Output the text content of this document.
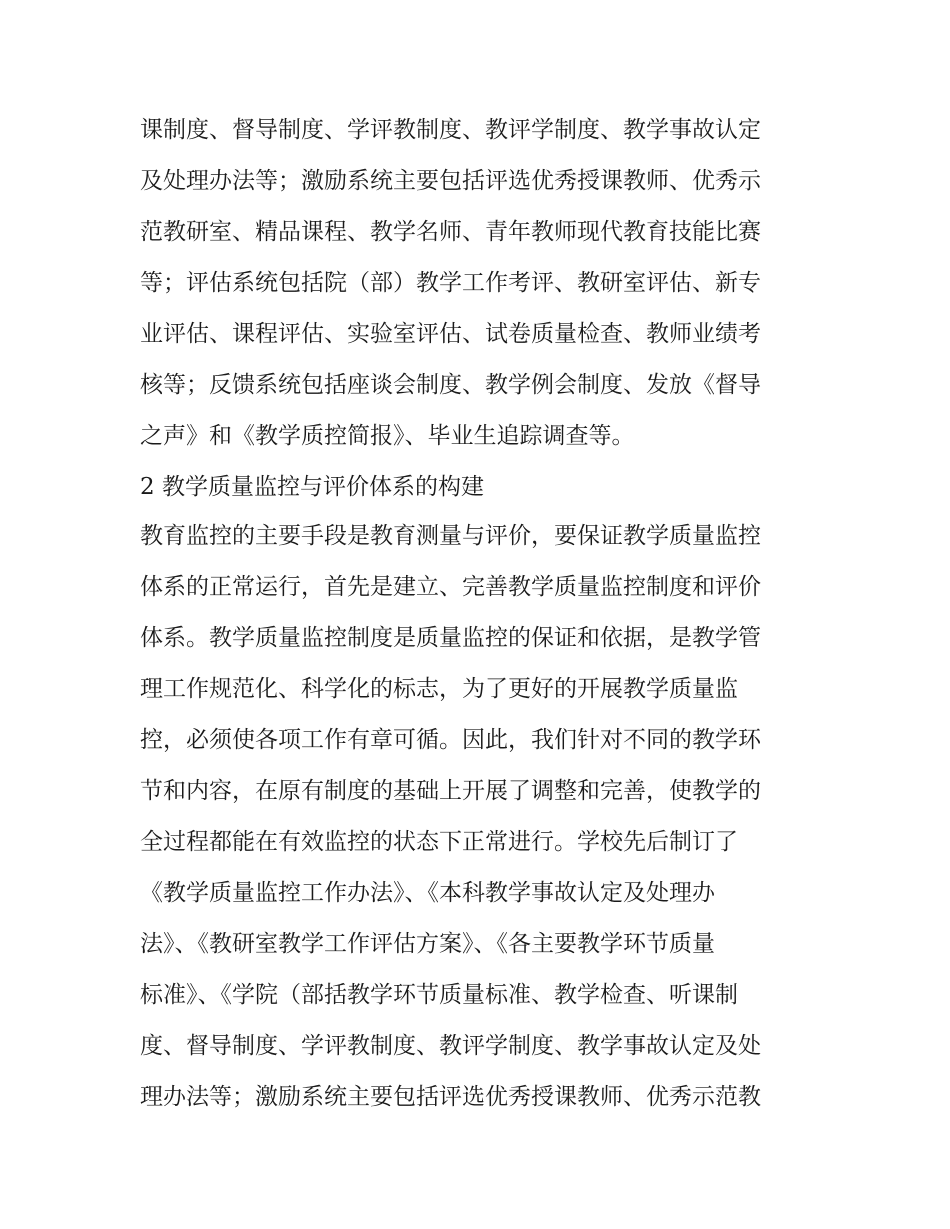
课制度、督导制度、学评教制度、教评学制度、教学事故认定
及处理办法等；激励系统主要包括评选优秀授课教师、优秀示
范教研室、精品课程、教学名师、青年教师现代教育技能比赛
等；评估系统包括院（部）教学工作考评、教研室评估、新专
业评估、课程评估、实验室评估、试卷质量检查、教师业绩考
核等；反馈系统包括座谈会制度、教学例会制度、发放《督导
之声》和《教学质控简报》、毕业生追踪调查等。
2 教学质量监控与评价体系的构建
教育监控的主要手段是教育测量与评价，要保证教学质量监控
体系的正常运行，首先是建立、完善教学质量监控制度和评价
体系。教学质量监控制度是质量监控的保证和依据，是教学管
理工作规范化、科学化的标志，为了更好的开展教学质量监
控，必须使各项工作有章可循。因此，我们针对不同的教学环
节和内容，在原有制度的基础上开展了调整和完善，使教学的
全过程都能在有效监控的状态下正常进行。学校先后制订了
《教学质量监控工作办法》、《本科教学事故认定及处理办
法》、《教研室教学工作评估方案》、《各主要教学环节质量
标准》、《学院（部括教学环节质量标准、教学检查、听课制
度、督导制度、学评教制度、教评学制度、教学事故认定及处
理办法等；激励系统主要包括评选优秀授课教师、优秀示范教
